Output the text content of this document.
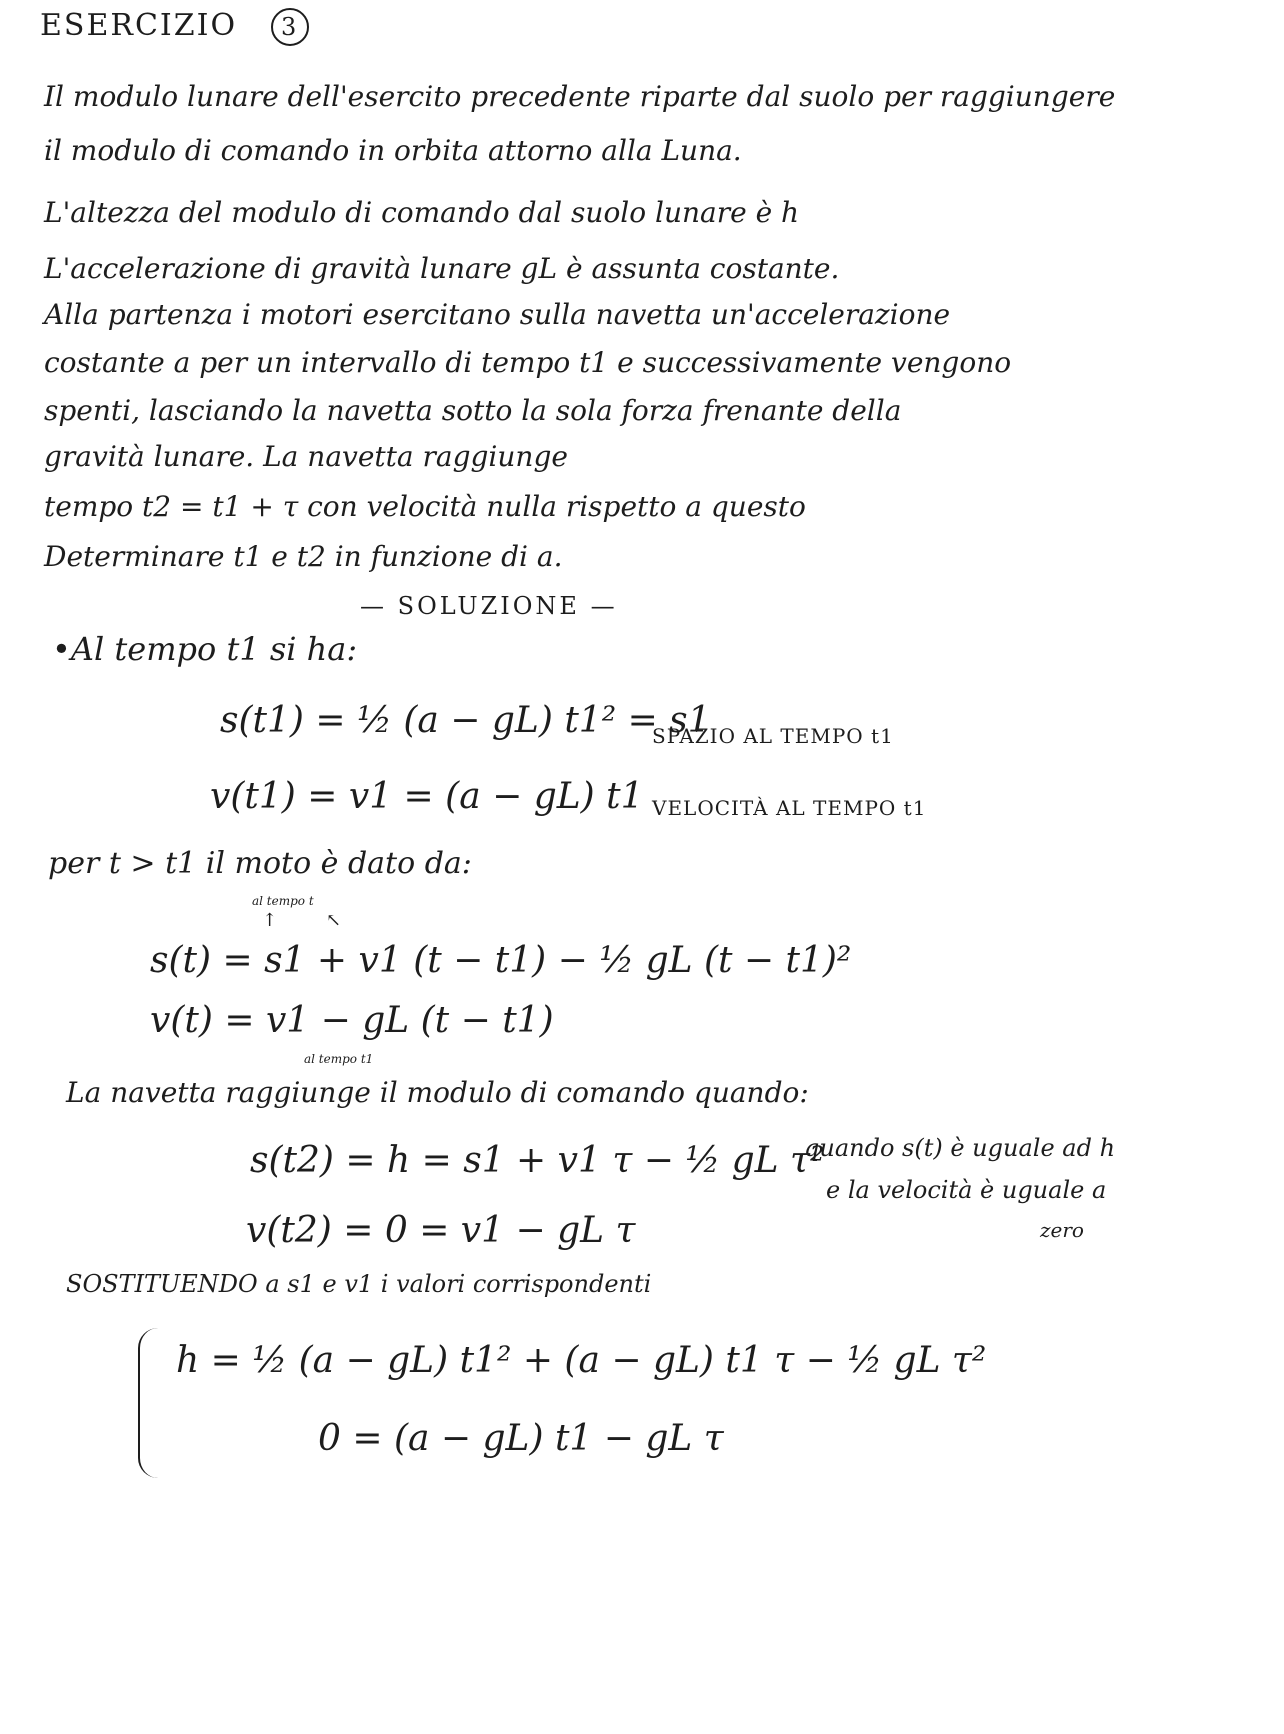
ESERCIZIO 3
Il modulo lunare dell'esercito precedente riparte dal suolo per raggiungere
il modulo di comando in orbita attorno alla Luna.
L'altezza del modulo di comando dal suolo lunare è h
L'accelerazione di gravità lunare gL è assunta costante.
Alla partenza i motori esercitano sulla navetta un'accelerazione
costante a per un intervallo di tempo t1 e successivamente vengono
spenti, lasciando la navetta sotto la sola forza frenante della
gravità lunare. La navetta raggiunge
tempo t2 = t1 + τ con velocità nulla rispetto a questo
Determinare t1 e t2 in funzione di a.
— SOLUZIONE —
•Al tempo t1 si ha:
s(t1) = ½ (a − gL) t1² = s1
SPAZIO AL TEMPO t1
v(t1) = v1 = (a − gL) t1 VELOCITÀ AL TEMPO t1
per t > t1 il moto è dato da:
al tempo t
↑	↖
s(t) = s1 + v1 (t − t1) − ½ gL (t − t1)²
v(t) = v1 − gL (t − t1)
al tempo t1
La navetta raggiunge il modulo di comando quando:
s(t2) = h = s1 + v1 τ − ½ gL τ²
quando s(t) è uguale ad h
e la velocità è uguale a
zero
v(t2) = 0 = v1 − gL τ
SOSTITUENDO a s1 e v1 i valori corrispondenti
h = ½ (a − gL) t1² + (a − gL) t1 τ − ½ gL τ²
0 = (a − gL) t1 − gL τ
